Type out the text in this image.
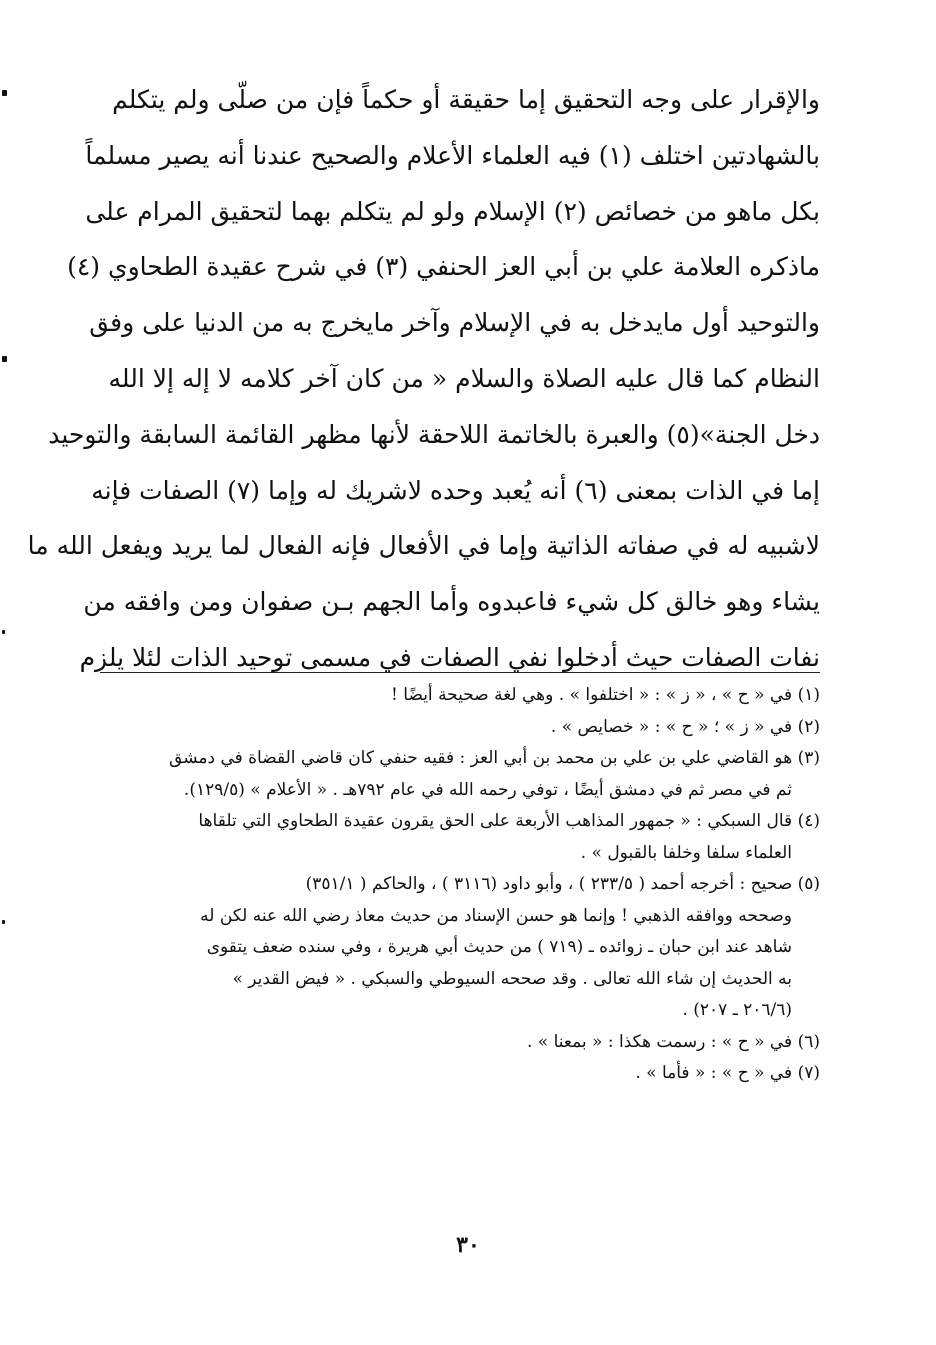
والإقرار على وجه التحقيق إما حقيقة أو حكماً فإن من صلّى ولم يتكلم
بالشهادتين اختلف (١) فيه العلماء الأعلام والصحيح عندنا أنه يصير مسلماً
بكل ماهو من خصائص (٢) الإسلام ولو لم يتكلم بهما لتحقيق المرام على
ماذكره العلامة علي بن أبي العز الحنفي (٣) في شرح عقيدة الطحاوي (٤)
والتوحيد أول مايدخل به في الإسلام وآخر مايخرج به من الدنيا على وفق
النظام كما قال عليه الصلاة والسلام « من كان آخر كلامه لا إله إلا الله
دخل الجنة»(٥) والعبرة بالخاتمة اللاحقة لأنها مظهر القائمة السابقة والتوحيد
إما في الذات بمعنى (٦) أنه يُعبد وحده لاشريك له وإما (٧) الصفات فإنه
لاشبيه له في صفاته الذاتية وإما في الأفعال فإنه الفعال لما يريد ويفعل الله ما
يشاء وهو خالق كل شيء فاعبدوه وأما الجهم بـن صفوان ومن وافقه من
نفات الصفات حيث أدخلوا نفي الصفات في مسمى توحيد الذات لئلا يلزم
(١) في « ح » ، « ز » : « اختلفوا » . وهي لغة صحيحة أيضًا !
(٢) في « ز » ؛ « ح » : « خصايص » .
(٣) هو القاضي علي بن علي بن محمد بن أبي العز : فقيه حنفي كان قاضي القضاة في دمشق
ثم في مصر ثم في دمشق أيضًا ، توفي رحمه الله في عام ٧٩٢هـ . « الأعلام » (١٢٩/٥).
(٤) قال السبكي : « جمهور المذاهب الأربعة على الحق يقرون عقيدة الطحاوي التي تلقاها
العلماء سلفا وخلفا بالقبول » .
(٥) صحيح : أخرجه أحمد ( ٢٣٣/٥ ) ، وأبو داود (٣١١٦ ) ، والحاكم ( ٣٥١/١)
وصححه ووافقه الذهبي ! وإنما هو حسن الإسناد من حديث معاذ رضي الله عنه لكن له
شاهد عند ابن حبان ـ زوائده ـ (٧١٩ ) من حديث أبي هريرة ، وفي سنده ضعف يتقوى
به الحديث إن شاء الله تعالى . وقد صححه السيوطي والسبكي . « فيض القدير »
(٢٠٦/٦ ـ ٢٠٧) .
(٦) في « ح » : رسمت هكذا : « بمعنا » .
(٧) في « ح » : « فأما » .
٣٠
